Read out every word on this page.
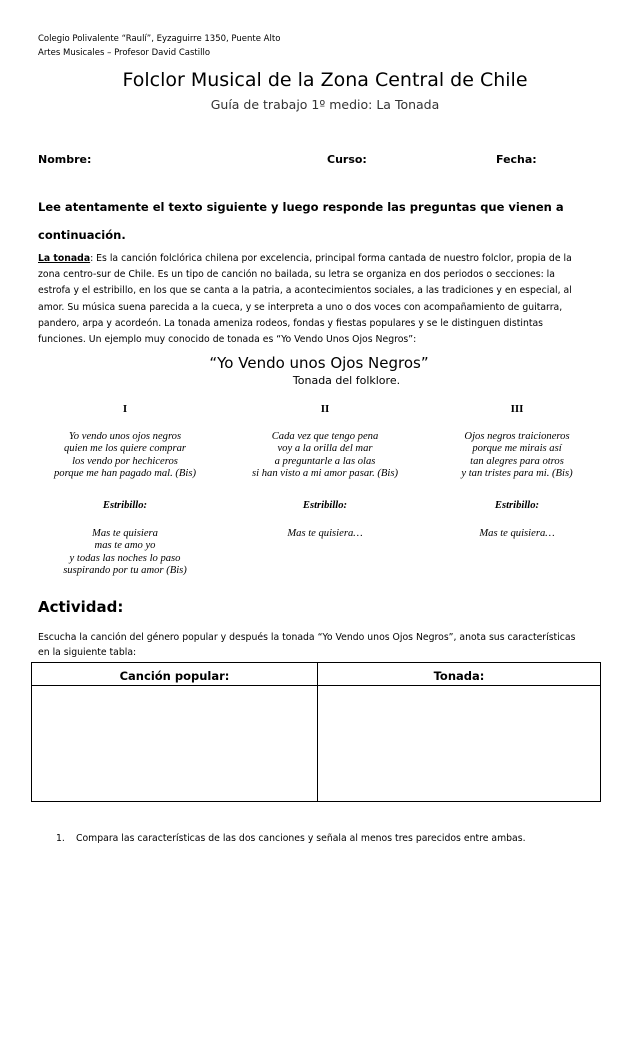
Colegio Polivalente “Raulí”, Eyzaguirre 1350, Puente Alto
Artes Musicales – Profesor David Castillo
Folclor Musical de la Zona Central de Chile
Guía de trabajo 1º medio: La Tonada
Nombre:	Curso:	Fecha:
Lee atentamente el texto siguiente y luego responde las preguntas que vienen a
continuación.
La tonada: Es la canción folclórica chilena por excelencia, principal forma cantada de nuestro folclor, propia de la
zona centro-sur de Chile. Es un tipo de canción no bailada, su letra se organiza en dos periodos o secciones: la
estrofa y el estribillo, en los que se canta a la patria, a acontecimientos sociales, a las tradiciones y en especial, al
amor. Su música suena parecida a la cueca, y se interpreta a uno o dos voces con acompañamiento de guitarra,
pandero, arpa y acordeón. La tonada ameniza rodeos, fondas y fiestas populares y se le distinguen distintas
funciones. Un ejemplo muy conocido de tonada es “Yo Vendo Unos Ojos Negros”:
“Yo Vendo unos Ojos Negros”
Tonada del folklore.
I
Yo vendo unos ojos negros
quien me los quiere comprar
los vendo por hechiceros
porque me han pagado mal. (Bis)
Estribillo:
Mas te quisiera
mas te amo yo
y todas las noches lo paso
suspirando por tu amor (Bis)
II
Cada vez que tengo pena
voy a la orilla del mar
a preguntarle a las olas
si han visto a mi amor pasar. (Bis)
Estribillo:
Mas te quisiera…
III
Ojos negros traicioneros
porque me mirais así
tan alegres para otros
y tan tristes para mi. (Bis)
Estribillo:
Mas te quisiera…
Actividad:
Escucha la canción del género popular y después la tonada “Yo Vendo unos Ojos Negros”, anota sus características
en la siguiente tabla:
Canción popular:	Tonada:

1. Compara las características de las dos canciones y señala al menos tres parecidos entre ambas.
